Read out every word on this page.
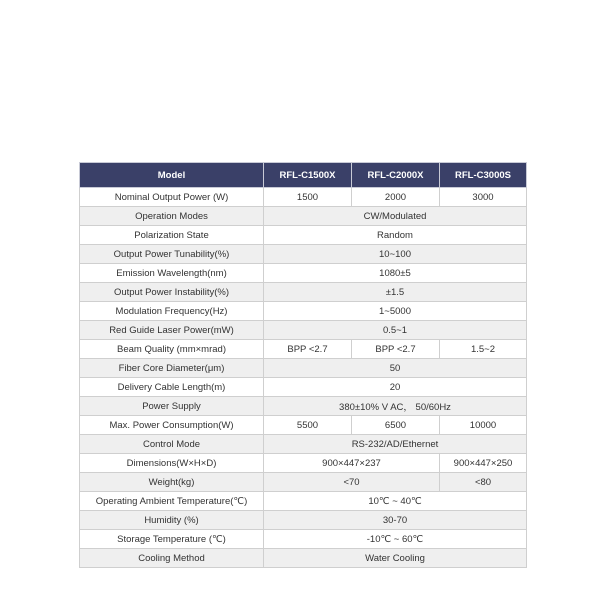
Model	RFL-C1500X	RFL-C2000X	RFL-C3000S
Nominal Output Power (W)	1500	2000	3000
Operation Modes	CW/Modulated		
Polarization State	Random		
Output Power Tunability(%)	10~100		
Emission Wavelength(nm)	1080±5		
Output Power Instability(%)	±1.5		
Modulation Frequency(Hz)	1~5000		
Red Guide Laser Power(mW)	0.5~1		
Beam Quality (mm×mrad)	BPP <2.7	BPP <2.7	1.5~2
Fiber Core Diameter(μm)	50		
Delivery Cable Length(m)	20		
Power Supply	380±10% V AC， 50/60Hz		
Max. Power Consumption(W)	5500	6500	10000
Control Mode	RS-232/AD/Ethernet		
Dimensions(W×H×D)	900×447×237		900×447×250
Weight(kg)	<70		<80
Operating Ambient Temperature(℃)	10℃ ~ 40℃		
Humidity (%)	30-70		
Storage Temperature (℃)	-10℃ ~ 60℃		
Cooling Method	Water Cooling		
